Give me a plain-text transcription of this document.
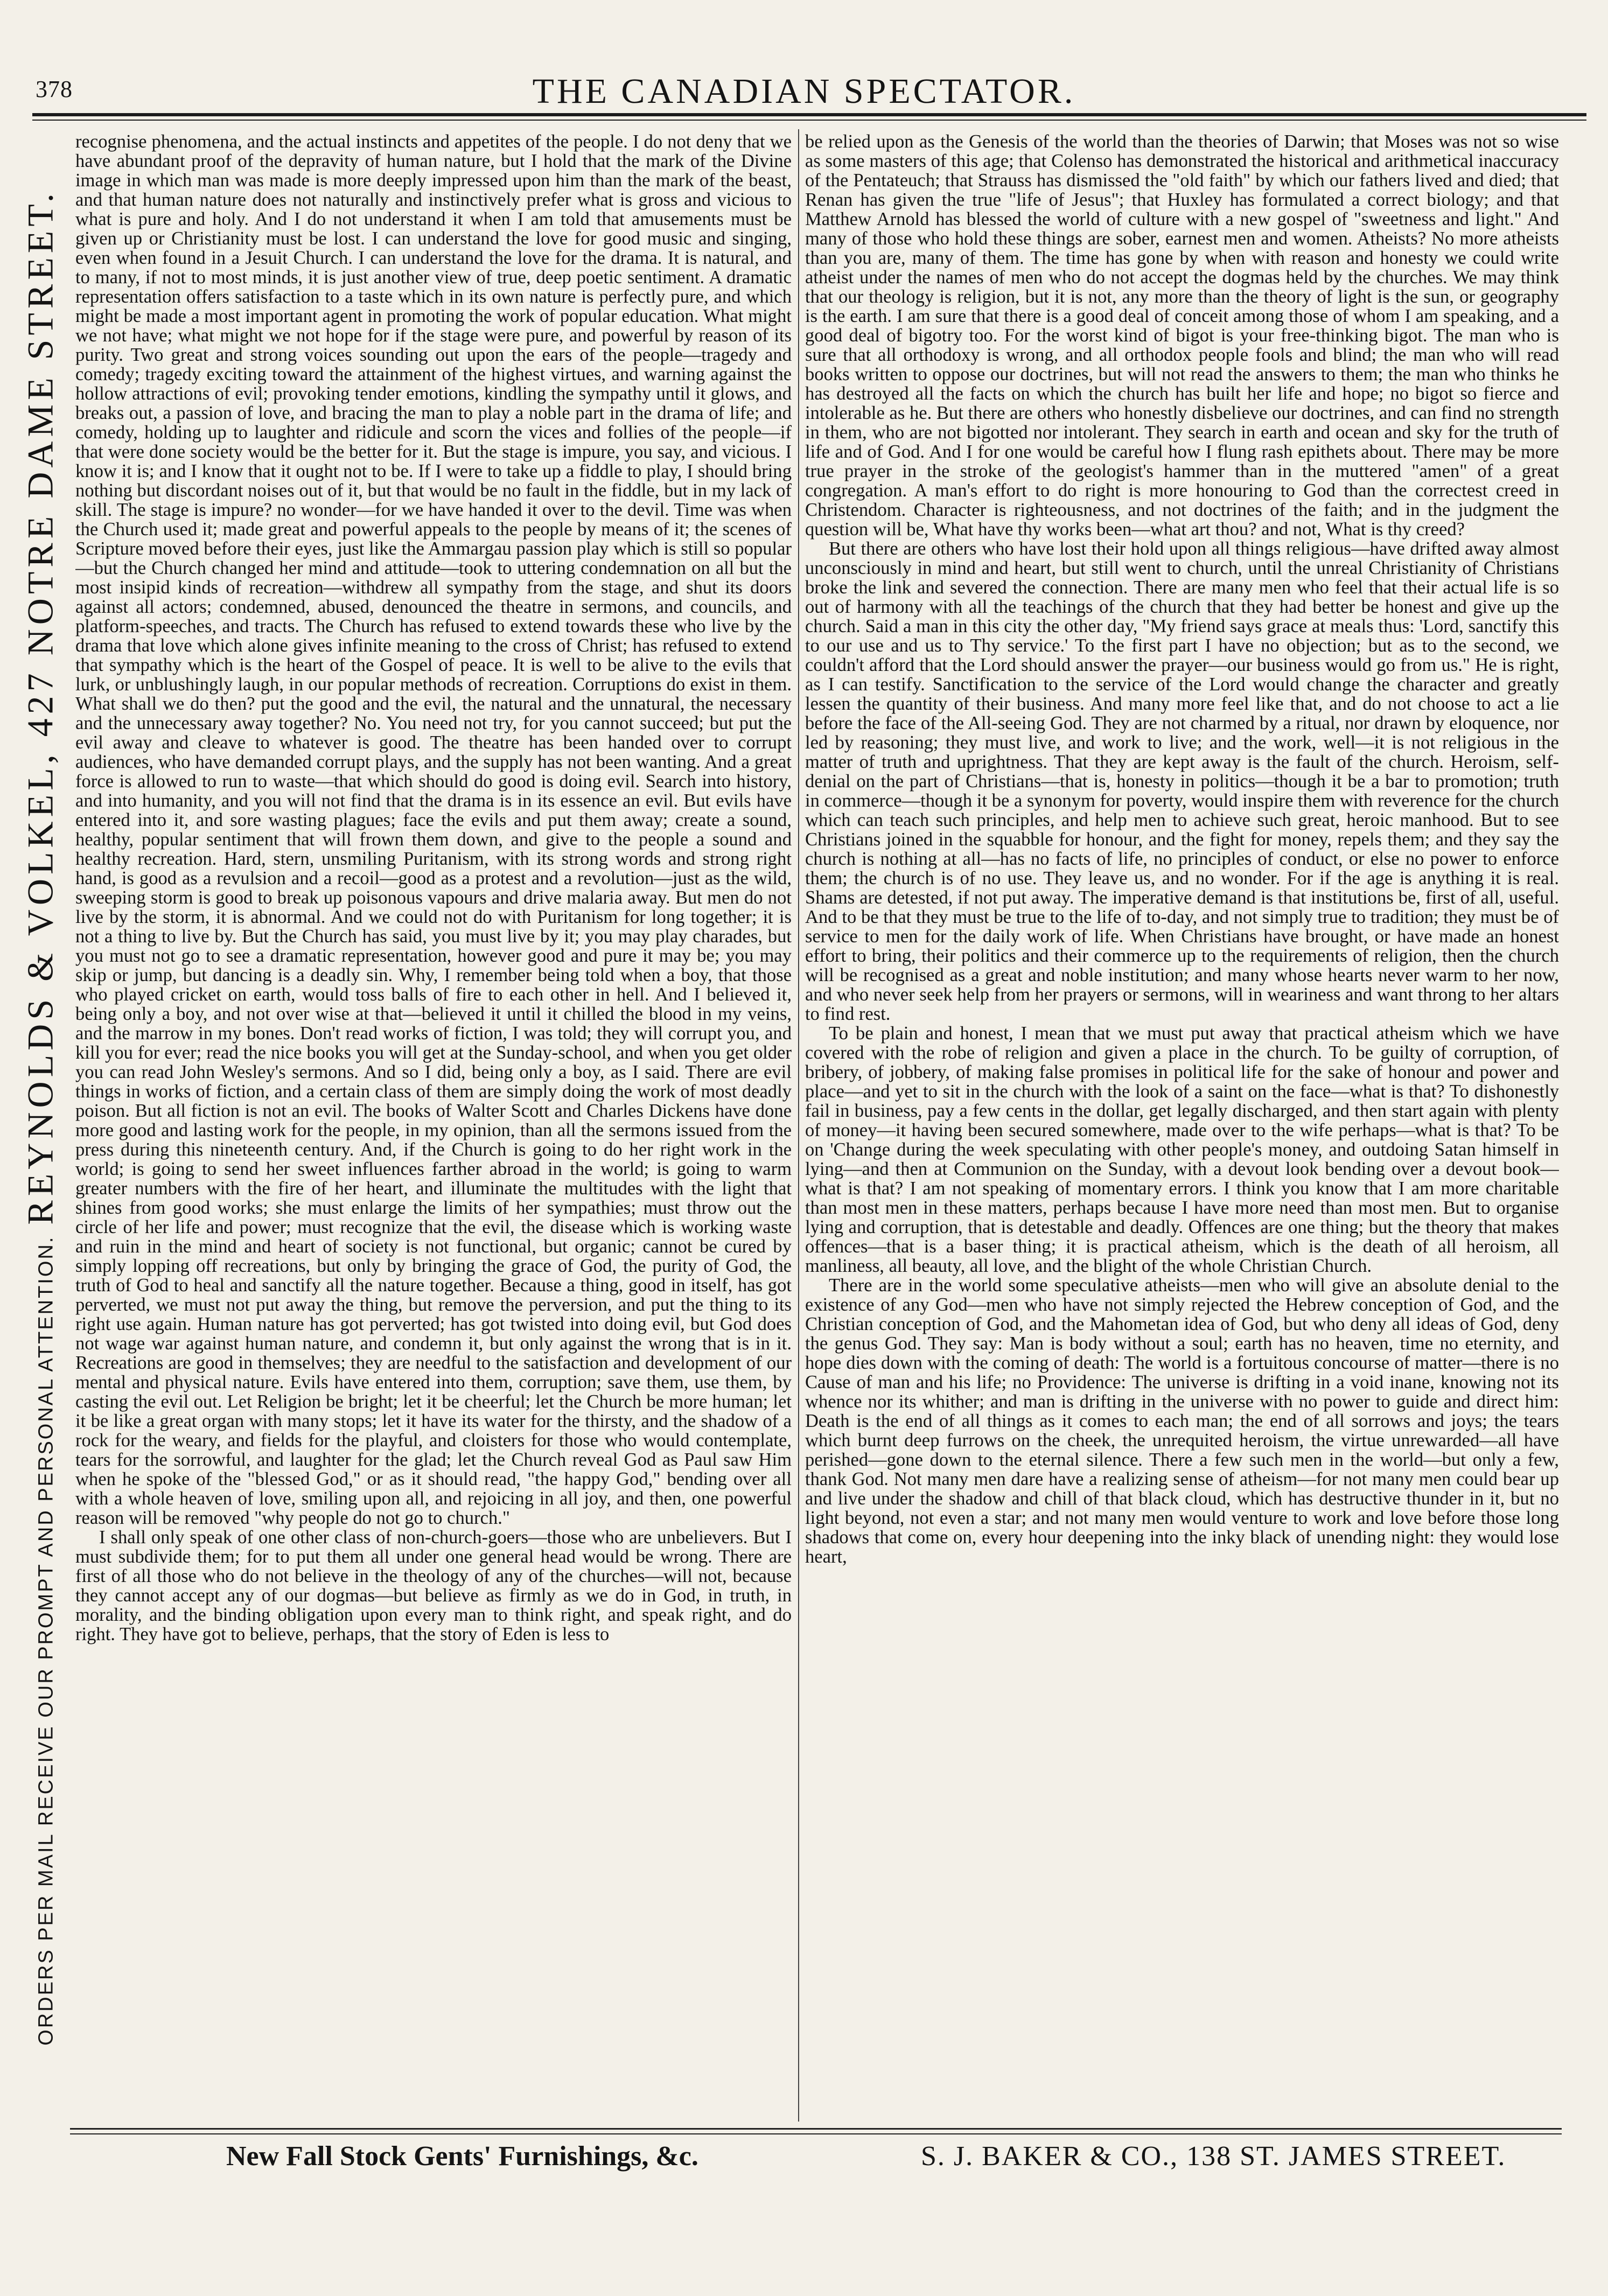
378	THE CANADIAN SPECTATOR.
ORDERS PER MAIL RECEIVE OUR PROMPT AND PERSONAL ATTENTION.     REYNOLDS & VOLKEL, 427 NOTRE DAME STREET.

recognise phenomena, and the actual instincts and appetites of the people. I do not deny that we have abundant proof of the depravity of human nature, but I hold that the mark of the Divine image in which man was made is more deeply impressed upon him than the mark of the beast, and that human nature does not naturally and instinctively prefer what is gross and vicious to what is pure and holy. And I do not understand it when I am told that amusements must be given up or Christianity must be lost. I can understand the love for good music and singing, even when found in a Jesuit Church. I can understand the love for the drama. It is natural, and to many, if not to most minds, it is just another view of true, deep poetic sentiment. A dramatic representation offers satisfaction to a taste which in its own nature is perfectly pure, and which might be made a most important agent in promoting the work of popular education. What might we not have; what might we not hope for if the stage were pure, and powerful by reason of its purity. Two great and strong voices sounding out upon the ears of the people—tragedy and comedy; tragedy exciting toward the attainment of the highest virtues, and warning against the hollow attractions of evil; provoking tender emotions, kindling the sympathy until it glows, and breaks out, a passion of love, and bracing the man to play a noble part in the drama of life; and comedy, holding up to laughter and ridicule and scorn the vices and follies of the people—if that were done society would be the better for it. But the stage is impure, you say, and vicious. I know it is; and I know that it ought not to be. If I were to take up a fiddle to play, I should bring nothing but discordant noises out of it, but that would be no fault in the fiddle, but in my lack of skill. The stage is impure? no wonder—for we have handed it over to the devil. Time was when the Church used it; made great and powerful appeals to the people by means of it; the scenes of Scripture moved before their eyes, just like the Ammargau passion play which is still so popular—but the Church changed her mind and attitude—took to uttering condemnation on all but the most insipid kinds of recreation—withdrew all sympathy from the stage, and shut its doors against all actors; condemned, abused, denounced the theatre in sermons, and councils, and platform-speeches, and tracts. The Church has refused to extend towards these who live by the drama that love which alone gives infinite meaning to the cross of Christ; has refused to extend that sympathy which is the heart of the Gospel of peace. It is well to be alive to the evils that lurk, or unblushingly laugh, in our popular methods of recreation. Corruptions do exist in them. What shall we do then? put the good and the evil, the natural and the unnatural, the necessary and the unnecessary away together? No. You need not try, for you cannot succeed; but put the evil away and cleave to whatever is good. The theatre has been handed over to corrupt audiences, who have demanded corrupt plays, and the supply has not been wanting. And a great force is allowed to run to waste—that which should do good is doing evil. Search into history, and into humanity, and you will not find that the drama is in its essence an evil. But evils have entered into it, and sore wasting plagues; face the evils and put them away; create a sound, healthy, popular sentiment that will frown them down, and give to the people a sound and healthy recreation. Hard, stern, unsmiling Puritanism, with its strong words and strong right hand, is good as a revulsion and a recoil—good as a protest and a revolution—just as the wild, sweeping storm is good to break up poisonous vapours and drive malaria away. But men do not live by the storm, it is abnormal. And we could not do with Puritanism for long together; it is not a thing to live by. But the Church has said, you must live by it; you may play charades, but you must not go to see a dramatic representation, however good and pure it may be; you may skip or jump, but dancing is a deadly sin. Why, I remember being told when a boy, that those who played cricket on earth, would toss balls of fire to each other in hell. And I believed it, being only a boy, and not over wise at that—believed it until it chilled the blood in my veins, and the marrow in my bones. Don't read works of fiction, I was told; they will corrupt you, and kill you for ever; read the nice books you will get at the Sunday-school, and when you get older you can read John Wesley's sermons. And so I did, being only a boy, as I said. There are evil things in works of fiction, and a certain class of them are simply doing the work of most deadly poison. But all fiction is not an evil. The books of Walter Scott and Charles Dickens have done more good and lasting work for the people, in my opinion, than all the sermons issued from the press during this nineteenth century. And, if the Church is going to do her right work in the world; is going to send her sweet influences farther abroad in the world; is going to warm greater numbers with the fire of her heart, and illuminate the multitudes with the light that shines from good works; she must enlarge the limits of her sympathies; must throw out the circle of her life and power; must recognize that the evil, the disease which is working waste and ruin in the mind and heart of society is not functional, but organic; cannot be cured by simply lopping off recreations, but only by bringing the grace of God, the purity of God, the truth of God to heal and sanctify all the nature together. Because a thing, good in itself, has got perverted, we must not put away the thing, but remove the perversion, and put the thing to its right use again. Human nature has got perverted; has got twisted into doing evil, but God does not wage war against human nature, and condemn it, but only against the wrong that is in it. Recreations are good in themselves; they are needful to the satisfaction and development of our mental and physical nature. Evils have entered into them, corruption; save them, use them, by casting the evil out. Let Religion be bright; let it be cheerful; let the Church be more human; let it be like a great organ with many stops; let it have its water for the thirsty, and the shadow of a rock for the weary, and fields for the playful, and cloisters for those who would contemplate, tears for the sorrowful, and laughter for the glad; let the Church reveal God as Paul saw Him when he spoke of the "blessed God," or as it should read, "the happy God," bending over all with a whole heaven of love, smiling upon all, and rejoicing in all joy, and then, one powerful reason will be removed "why people do not go to church."

I shall only speak of one other class of non-church-goers—those who are unbelievers. But I must subdivide them; for to put them all under one general head would be wrong. There are first of all those who do not believe in the theology of any of the churches—will not, because they cannot accept any of our dogmas—but believe as firmly as we do in God, in truth, in morality, and the binding obligation upon every man to think right, and speak right, and do right. They have got to believe, perhaps, that the story of Eden is less to

be relied upon as the Genesis of the world than the theories of Darwin; that Moses was not so wise as some masters of this age; that Colenso has demonstrated the historical and arithmetical inaccuracy of the Pentateuch; that Strauss has dismissed the "old faith" by which our fathers lived and died; that Renan has given the true "life of Jesus"; that Huxley has formulated a correct biology; and that Matthew Arnold has blessed the world of culture with a new gospel of "sweetness and light." And many of those who hold these things are sober, earnest men and women. Atheists? No more atheists than you are, many of them. The time has gone by when with reason and honesty we could write atheist under the names of men who do not accept the dogmas held by the churches. We may think that our theology is religion, but it is not, any more than the theory of light is the sun, or geography is the earth. I am sure that there is a good deal of conceit among those of whom I am speaking, and a good deal of bigotry too. For the worst kind of bigot is your free-thinking bigot. The man who is sure that all orthodoxy is wrong, and all orthodox people fools and blind; the man who will read books written to oppose our doctrines, but will not read the answers to them; the man who thinks he has destroyed all the facts on which the church has built her life and hope; no bigot so fierce and intolerable as he. But there are others who honestly disbelieve our doctrines, and can find no strength in them, who are not bigotted nor intolerant. They search in earth and ocean and sky for the truth of life and of God. And I for one would be careful how I flung rash epithets about. There may be more true prayer in the stroke of the geologist's hammer than in the muttered "amen" of a great congregation. A man's effort to do right is more honouring to God than the correctest creed in Christendom. Character is righteousness, and not doctrines of the faith; and in the judgment the question will be, What have thy works been—what art thou? and not, What is thy creed?

But there are others who have lost their hold upon all things religious—have drifted away almost unconsciously in mind and heart, but still went to church, until the unreal Christianity of Christians broke the link and severed the connection. There are many men who feel that their actual life is so out of harmony with all the teachings of the church that they had better be honest and give up the church. Said a man in this city the other day, "My friend says grace at meals thus: 'Lord, sanctify this to our use and us to Thy service.' To the first part I have no objection; but as to the second, we couldn't afford that the Lord should answer the prayer—our business would go from us." He is right, as I can testify. Sanctification to the service of the Lord would change the character and greatly lessen the quantity of their business. And many more feel like that, and do not choose to act a lie before the face of the All-seeing God. They are not charmed by a ritual, nor drawn by eloquence, nor led by reasoning; they must live, and work to live; and the work, well—it is not religious in the matter of truth and uprightness. That they are kept away is the fault of the church. Heroism, self-denial on the part of Christians—that is, honesty in politics—though it be a bar to promotion; truth in commerce—though it be a synonym for poverty, would inspire them with reverence for the church which can teach such principles, and help men to achieve such great, heroic manhood. But to see Christians joined in the squabble for honour, and the fight for money, repels them; and they say the church is nothing at all—has no facts of life, no principles of conduct, or else no power to enforce them; the church is of no use. They leave us, and no wonder. For if the age is anything it is real. Shams are detested, if not put away. The imperative demand is that institutions be, first of all, useful. And to be that they must be true to the life of to-day, and not simply true to tradition; they must be of service to men for the daily work of life. When Christians have brought, or have made an honest effort to bring, their politics and their commerce up to the requirements of religion, then the church will be recognised as a great and noble institution; and many whose hearts never warm to her now, and who never seek help from her prayers or sermons, will in weariness and want throng to her altars to find rest.

To be plain and honest, I mean that we must put away that practical atheism which we have covered with the robe of religion and given a place in the church. To be guilty of corruption, of bribery, of jobbery, of making false promises in political life for the sake of honour and power and place—and yet to sit in the church with the look of a saint on the face—what is that? To dishonestly fail in business, pay a few cents in the dollar, get legally discharged, and then start again with plenty of money—it having been secured somewhere, made over to the wife perhaps—what is that? To be on 'Change during the week speculating with other people's money, and outdoing Satan himself in lying—and then at Communion on the Sunday, with a devout look bending over a devout book—what is that? I am not speaking of momentary errors. I think you know that I am more charitable than most men in these matters, perhaps because I have more need than most men. But to organise lying and corruption, that is detestable and deadly. Offences are one thing; but the theory that makes offences—that is a baser thing; it is practical atheism, which is the death of all heroism, all manliness, all beauty, all love, and the blight of the whole Christian Church.

There are in the world some speculative atheists—men who will give an absolute denial to the existence of any God—men who have not simply rejected the Hebrew conception of God, and the Christian conception of God, and the Mahometan idea of God, but who deny all ideas of God, deny the genus God. They say: Man is body without a soul; earth has no heaven, time no eternity, and hope dies down with the coming of death: The world is a fortuitous concourse of matter—there is no Cause of man and his life; no Providence: The universe is drifting in a void inane, knowing not its whence nor its whither; and man is drifting in the universe with no power to guide and direct him: Death is the end of all things as it comes to each man; the end of all sorrows and joys; the tears which burnt deep furrows on the cheek, the unrequited heroism, the virtue unrewarded—all have perished—gone down to the eternal silence. There a few such men in the world—but only a few, thank God. Not many men dare have a realizing sense of atheism—for not many men could bear up and live under the shadow and chill of that black cloud, which has destructive thunder in it, but no light beyond, not even a star; and not many men would venture to work and love before those long shadows that come on, every hour deepening into the inky black of unending night: they would lose heart,

New Fall Stock Gents' Furnishings, &c.	S. J. BAKER & CO., 138 ST. JAMES STREET.
